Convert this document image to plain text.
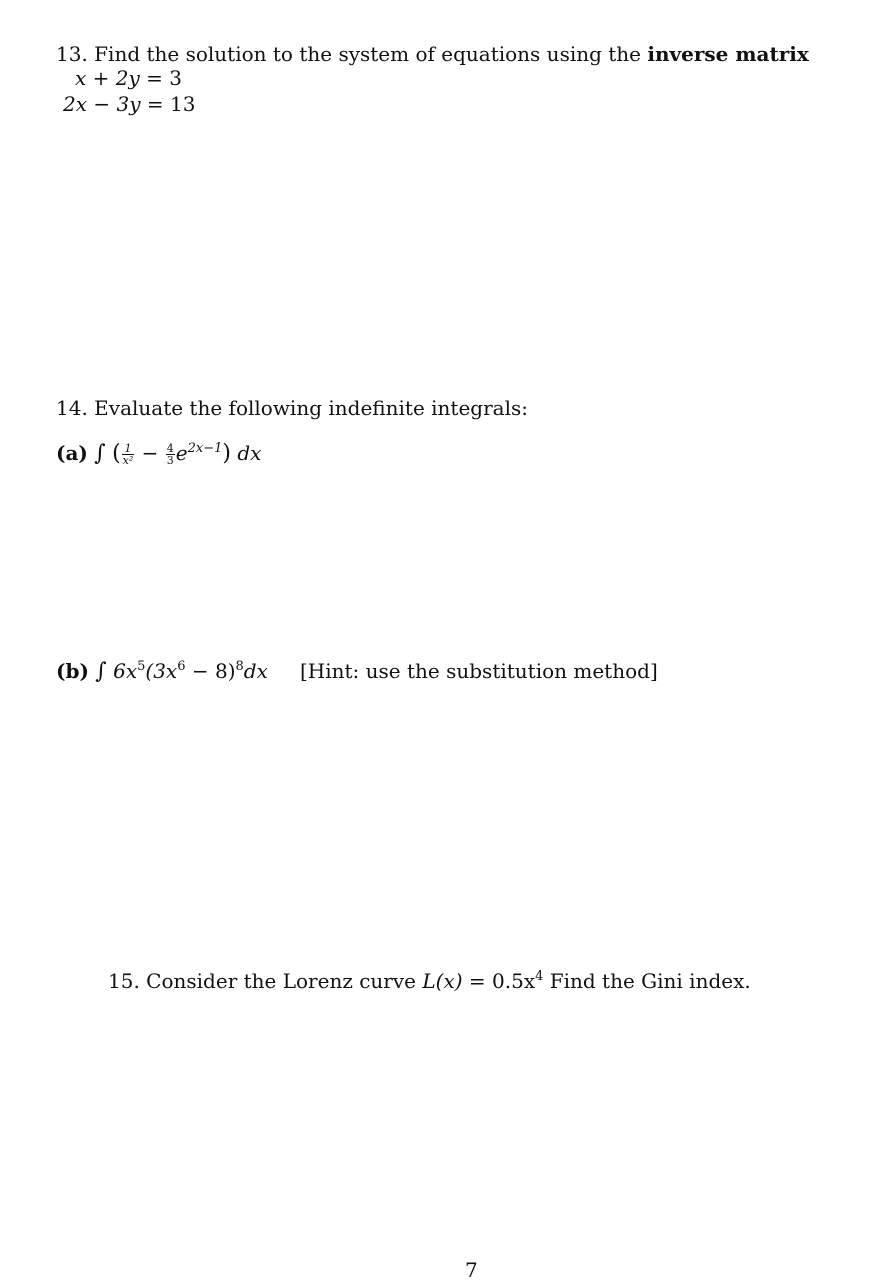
13. Find the solution to the system of equations using the inverse matrix
x + 2y = 3
2x − 3y = 13
14. Evaluate the following indefinite integrals:
(a) ∫ ( $\frac{1}{\text{x²}} - \frac{4}{3} e^{2x-1}$) dx
(b) ∫ $6x^5(3x^6 - 8)^8dx$ [Hint: use the substitution method]
15. Consider the Lorenz curve $L(x) = 0.5x^4$ Find the Gini index.
7
